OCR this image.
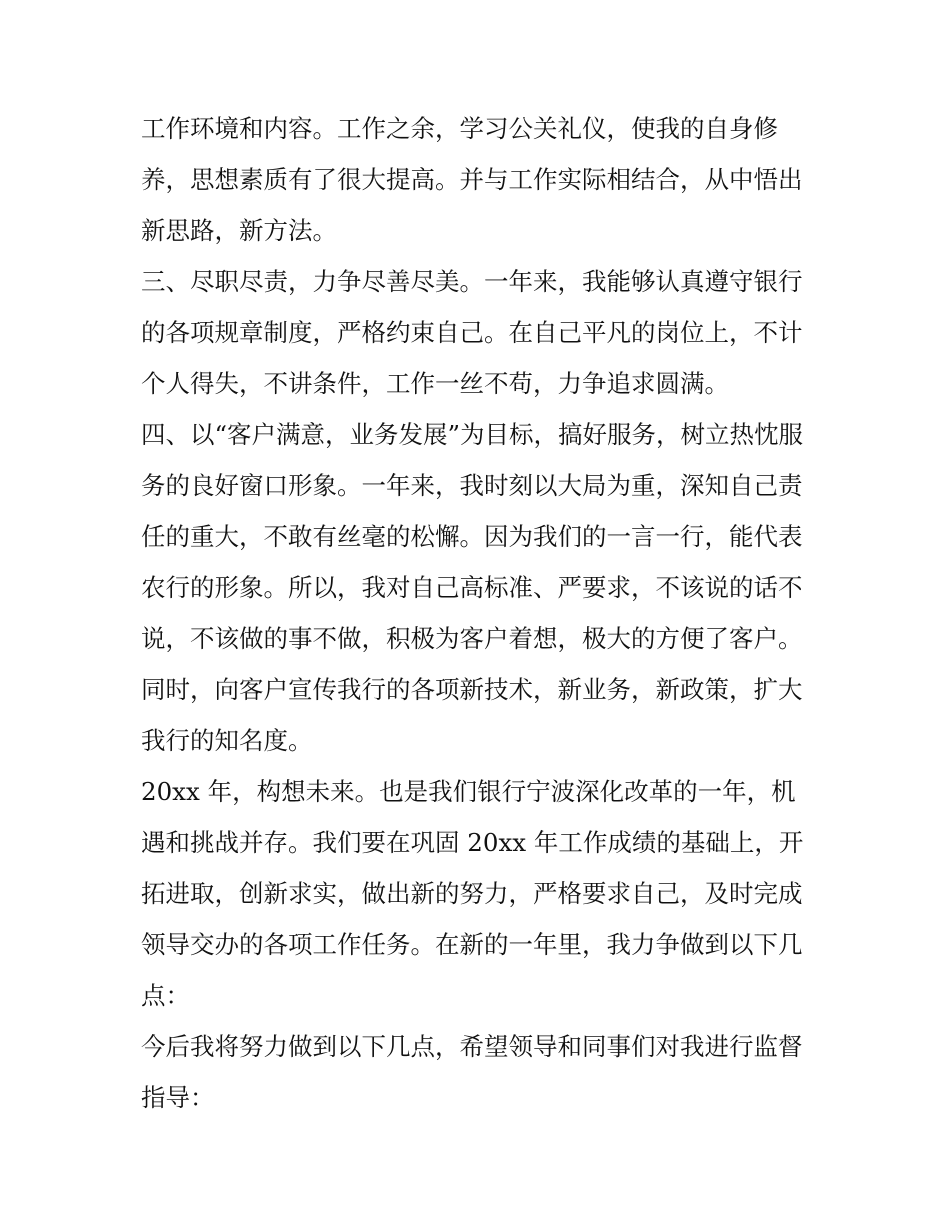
工作环境和内容。工作之余，学习公关礼仪，使我的自身修
养，思想素质有了很大提高。并与工作实际相结合，从中悟出
新思路，新方法。
三、尽职尽责，力争尽善尽美。一年来，我能够认真遵守银行
的各项规章制度，严格约束自己。在自己平凡的岗位上，不计
个人得失，不讲条件，工作一丝不苟，力争追求圆满。
四、以“客户满意，业务发展”为目标，搞好服务，树立热忱服
务的良好窗口形象。一年来，我时刻以大局为重，深知自己责
任的重大，不敢有丝毫的松懈。因为我们的一言一行，能代表
农行的形象。所以，我对自己高标准、严要求，不该说的话不
说，不该做的事不做，积极为客户着想，极大的方便了客户。
同时，向客户宣传我行的各项新技术，新业务，新政策，扩大
我行的知名度。
20xx 年，构想未来。也是我们银行宁波深化改革的一年，机
遇和挑战并存。我们要在巩固 20xx 年工作成绩的基础上，开
拓进取，创新求实，做出新的努力，严格要求自己，及时完成
领导交办的各项工作任务。在新的一年里，我力争做到以下几
点：
今后我将努力做到以下几点，希望领导和同事们对我进行监督
指导：
